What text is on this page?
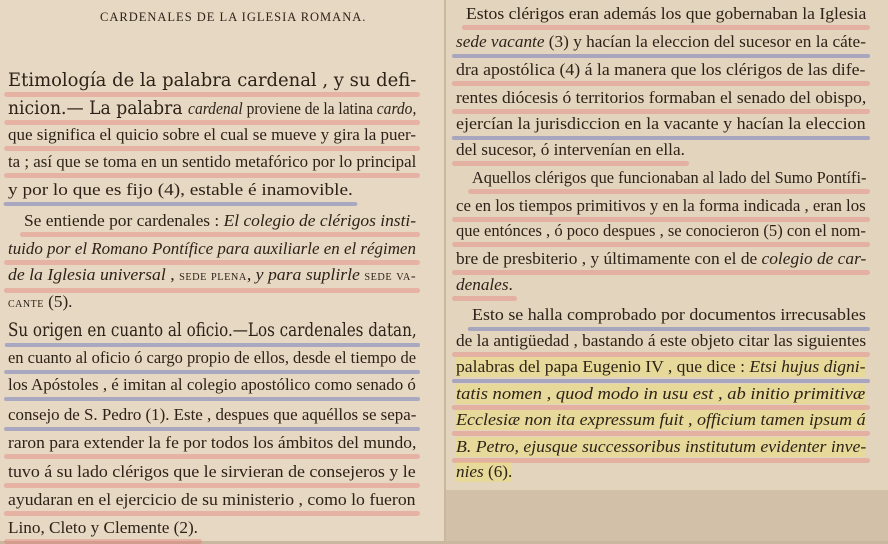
CARDENALES DE LA IGLESIA ROMANA.
Etimología de la palabra cardenal , y su defi-
nicion.— La palabra cardenal proviene de la latina cardo,
que significa el quicio sobre el cual se mueve y gira la puer-
ta ; así que se toma en un sentido metafórico por lo principal
y por lo que es fijo (4), estable é inamovible.
Se entiende por cardenales : El colegio de clérigos insti-
tuido por el Romano Pontífice para auxiliarle en el régimen
de la Iglesia universal , sede plena, y para suplirle sede va-
cante (5).
Su origen en cuanto al oficio.—Los cardenales datan,
en cuanto al oficio ó cargo propio de ellos, desde el tiempo de
los Apóstoles , é imitan al colegio apostólico como senado ó
consejo de S. Pedro (1). Este , despues que aquéllos se sepa-
raron para extender la fe por todos los ámbitos del mundo,
tuvo á su lado clérigos que le sirvieran de consejeros y le
ayudaran en el ejercicio de su ministerio , como lo fueron
Lino, Cleto y Clemente (2).
Estos clérigos eran además los que gobernaban la Iglesia
sede vacante (3) y hacían la eleccion del sucesor en la cáte-
dra apostólica (4) á la manera que los clérigos de las dife-
rentes diócesis ó territorios formaban el senado del obispo,
ejercían la jurisdiccion en la vacante y hacían la eleccion
del sucesor, ó intervenían en ella.
Aquellos clérigos que funcionaban al lado del Sumo Pontífi-
ce en los tiempos primitivos y en la forma indicada , eran los
que entónces , ó poco despues , se conocieron (5) con el nom-
bre de presbiterio , y últimamente con el de colegio de car-
denales.
Esto se halla comprobado por documentos irrecusables
de la antigüedad , bastando á este objeto citar las siguientes
palabras del papa Eugenio IV , que dice : Etsi hujus digni-
tatis nomen , quod modo in usu est , ab initio primitivæ
Ecclesiæ non ita expressum fuit , officium tamen ipsum á
B. Petro, ejusque successoribus institutum evidenter inve-
nies (6).
